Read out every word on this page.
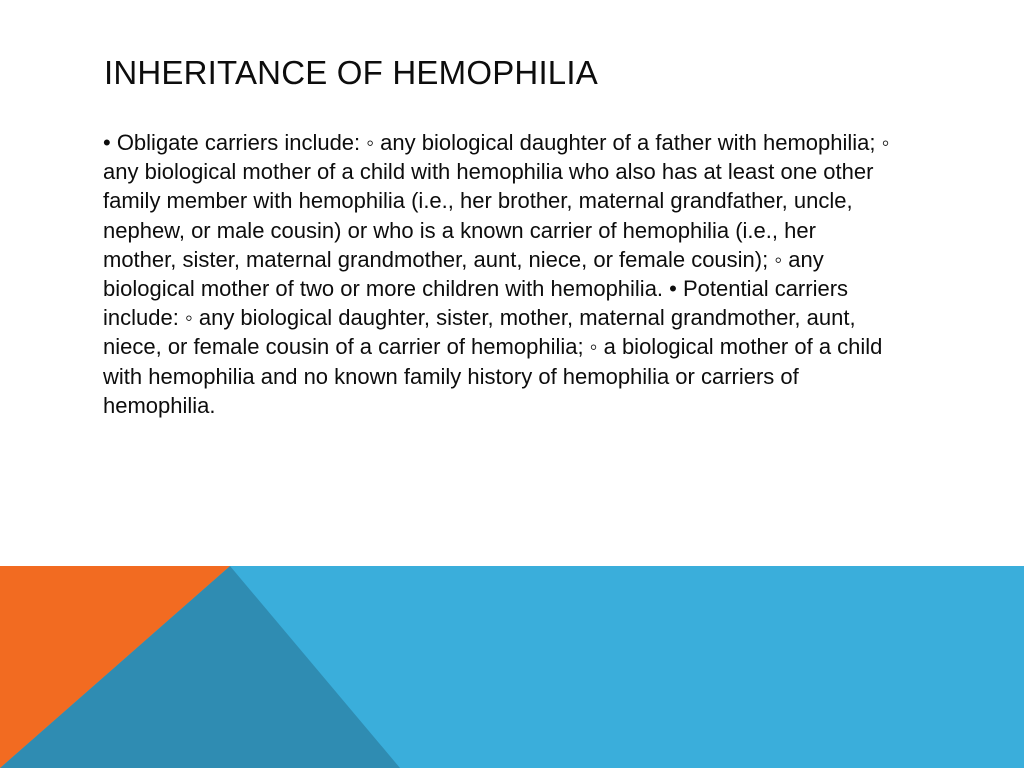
INHERITANCE OF HEMOPHILIA

• Obligate carriers include: ◦ any biological daughter of a father with hemophilia; ◦ any biological mother of a child with hemophilia who also has at least one other family member with hemophilia (i.e., her brother, maternal grandfather, uncle, nephew, or male cousin) or who is a known carrier of hemophilia (i.e., her mother, sister, maternal grandmother, aunt, niece, or female cousin); ◦ any biological mother of two or more children with hemophilia. • Potential carriers include: ◦ any biological daughter, sister, mother, maternal grandmother, aunt, niece, or female cousin of a carrier of hemophilia; ◦ a biological mother of a child with hemophilia and no known family history of hemophilia or carriers of hemophilia.
